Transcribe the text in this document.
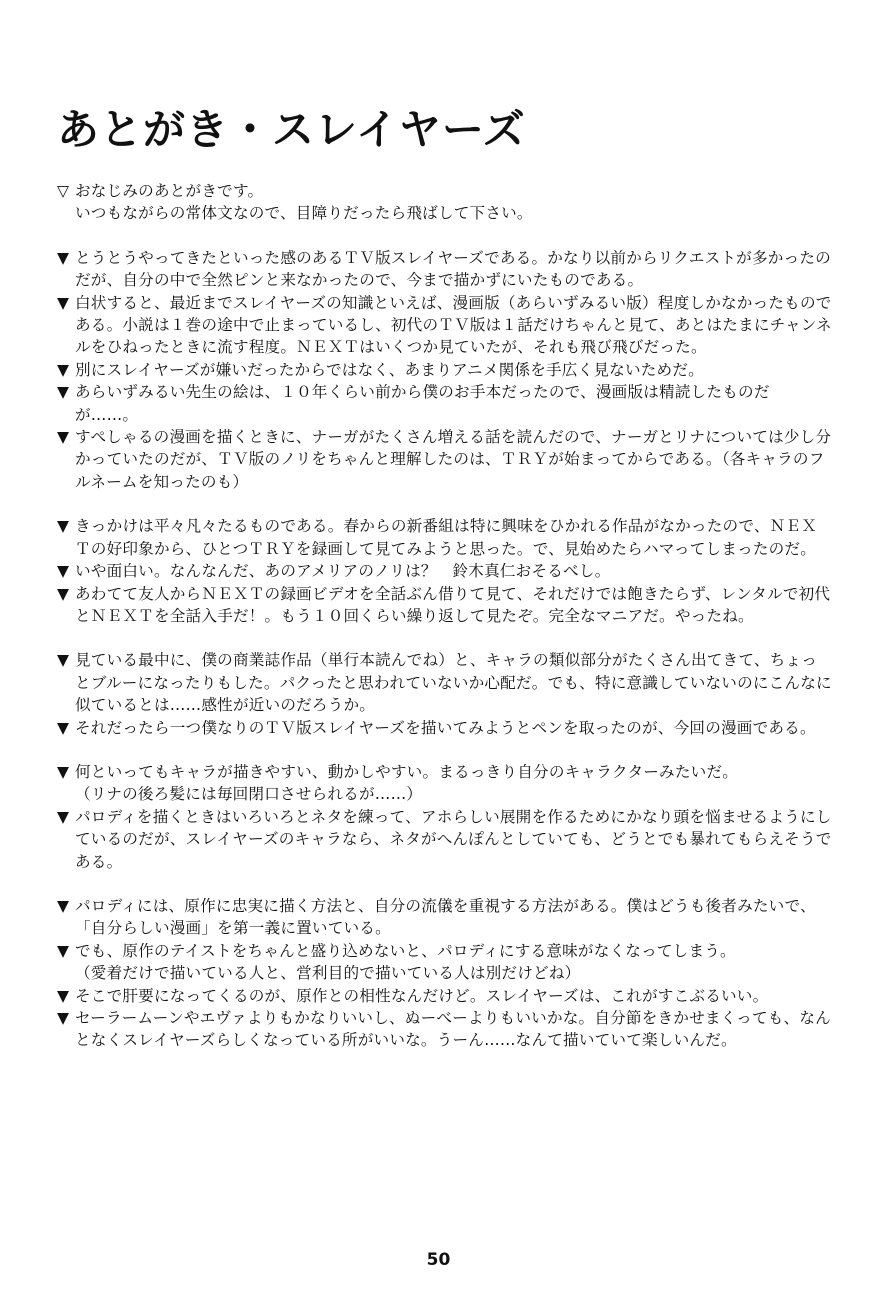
あとがき・スレイヤーズ
▽ おなじみのあとがきです。
いつもながらの常体文なので、目障りだったら飛ばして下さい。
▼ とうとうやってきたといった感のあるＴＶ版スレイヤーズである。かなり以前からリクエストが多かったのだが、自分の中で全然ピンと来なかったので、今まで描かずにいたものである。
▼ 白状すると、最近までスレイヤーズの知識といえば、漫画版（あらいずみるい版）程度しかなかったものである。小説は１巻の途中で止まっているし、初代のＴＶ版は１話だけちゃんと見て、あとはたまにチャンネルをひねったときに流す程度。ＮＥＸＴはいくつか見ていたが、それも飛び飛びだった。
▼ 別にスレイヤーズが嫌いだったからではなく、あまりアニメ関係を手広く見ないためだ。
▼ あらいずみるい先生の絵は、１０年くらい前から僕のお手本だったので、漫画版は精読したものだが……。
▼ すぺしゃるの漫画を描くときに、ナーガがたくさん増える話を読んだので、ナーガとリナについては少し分かっていたのだが、ＴＶ版のノリをちゃんと理解したのは、ＴＲＹが始まってからである。（各キャラのフルネームを知ったのも）
▼ きっかけは平々凡々たるものである。春からの新番組は特に興味をひかれる作品がなかったので、ＮＥＸＴの好印象から、ひとつＴＲＹを録画して見てみようと思った。で、見始めたらハマってしまったのだ。
▼ いや面白い。なんなんだ、あのアメリアのノリは？　鈴木真仁おそるべし。
▼ あわてて友人からＮＥＸＴの録画ビデオを全話ぶん借りて見て、それだけでは飽きたらず、レンタルで初代とＮＥＸＴを全話入手だ！。もう１０回くらい繰り返して見たぞ。完全なマニアだ。やったね。
▼ 見ている最中に、僕の商業誌作品（単行本読んでね）と、キャラの類似部分がたくさん出てきて、ちょっとブルーになったりもした。パクったと思われていないか心配だ。でも、特に意識していないのにこんなに似ているとは……感性が近いのだろうか。
▼ それだったら一つ僕なりのＴＶ版スレイヤーズを描いてみようとペンを取ったのが、今回の漫画である。
▼ 何といってもキャラが描きやすい、動かしやすい。まるっきり自分のキャラクターみたいだ。
（リナの後ろ髪には毎回閉口させられるが……）
▼ パロディを描くときはいろいろとネタを練って、アホらしい展開を作るためにかなり頭を悩ませるようにしているのだが、スレイヤーズのキャラなら、ネタがへんぽんとしていても、どうとでも暴れてもらえそうである。
▼ パロディには、原作に忠実に描く方法と、自分の流儀を重視する方法がある。僕はどうも後者みたいで、「自分らしい漫画」を第一義に置いている。
▼ でも、原作のテイストをちゃんと盛り込めないと、パロディにする意味がなくなってしまう。
（愛着だけで描いている人と、営利目的で描いている人は別だけどね）
▼ そこで肝要になってくるのが、原作との相性なんだけど。スレイヤーズは、これがすこぶるいい。
▼ セーラームーンやエヴァよりもかなりいいし、ぬーべーよりもいいかな。自分節をきかせまくっても、なんとなくスレイヤーズらしくなっている所がいいな。うーん……なんて描いていて楽しいんだ。
50
